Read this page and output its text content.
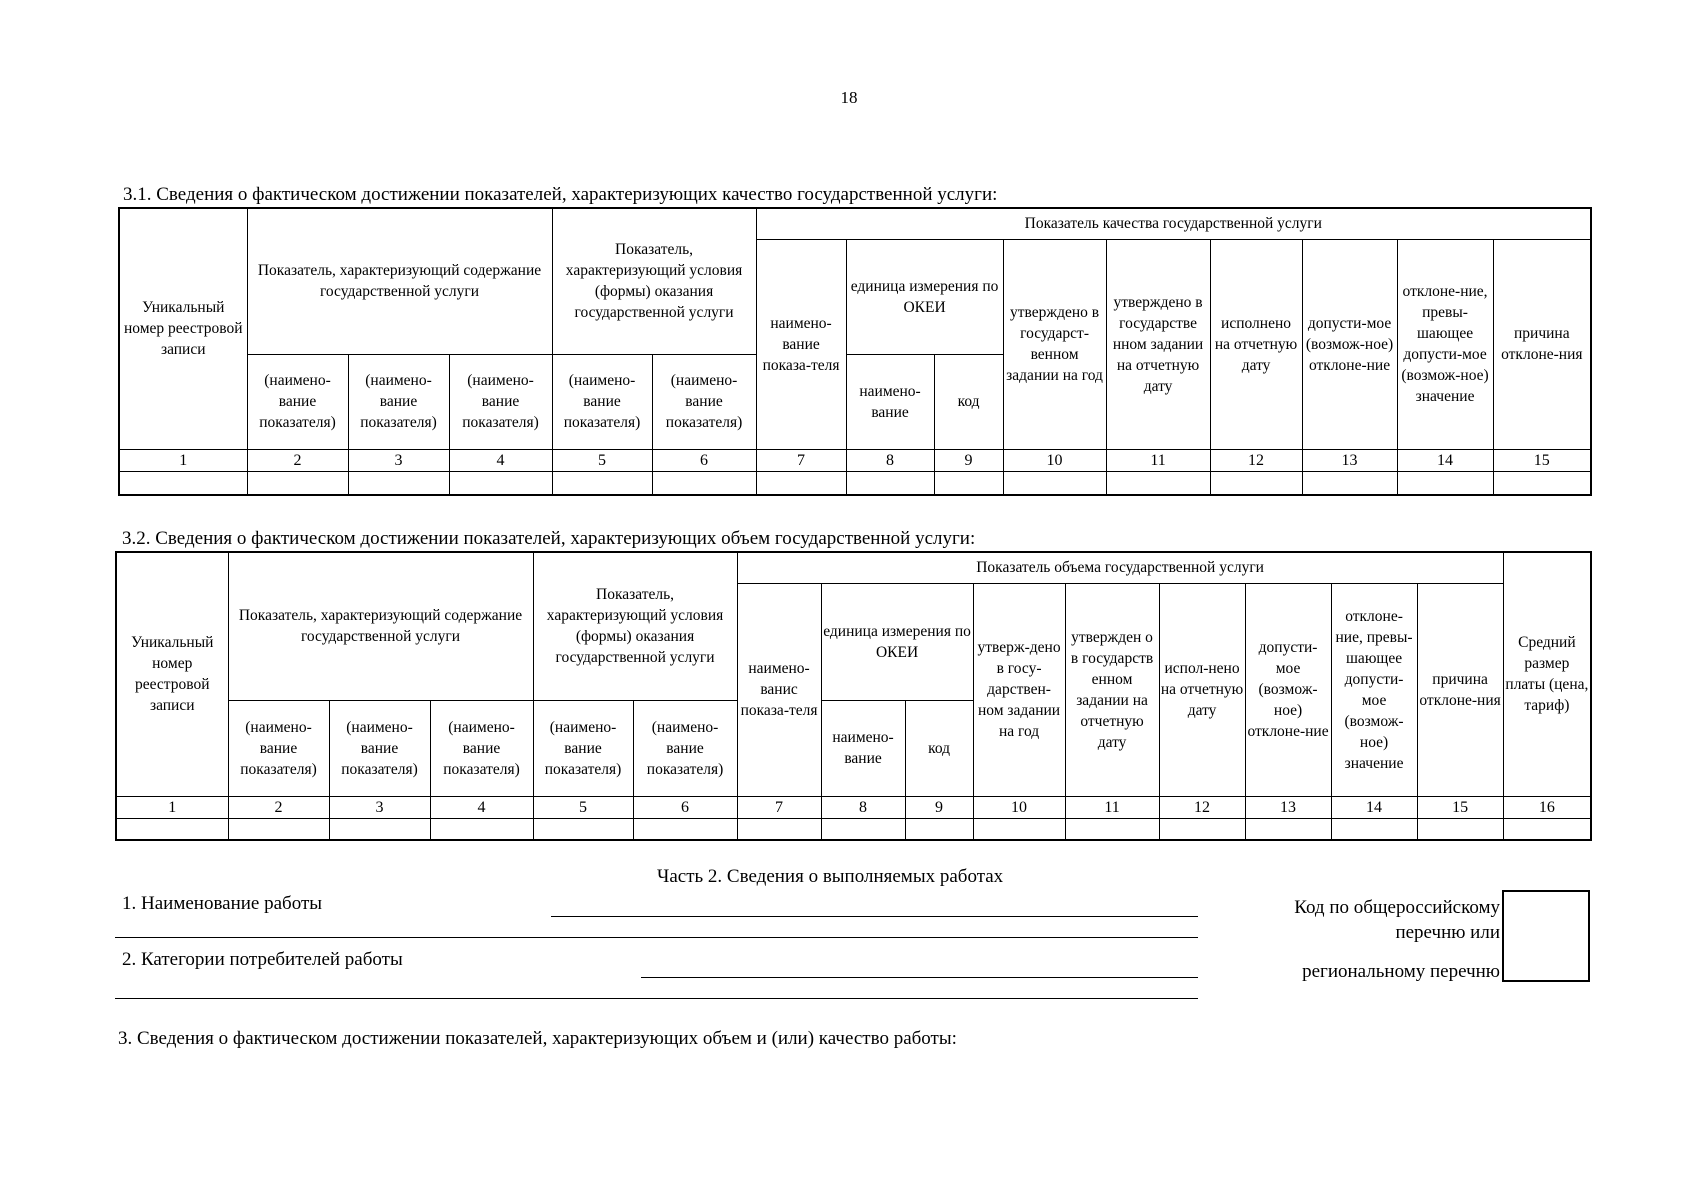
18
3.1. Сведения о фактическом достижении показателей, характеризующих качество государственной услуги:
Уникальный номер реестровой записи	Показатель, характеризующий содержание государственной услуги			Показатель, характеризующий условия (формы) оказания государственной услуги		Показатель качества государственной услуги								
						наимено-вание показа-теля	единица измерения по ОКЕИ		утверждено в государст-венном задании на год	утверждено в государстве нном задании на отчетную дату	исполнено на отчетную дату	допусти-мое (возмож-ное) отклоне-ние	отклоне-ние, превы-шающее допусти-мое (возмож-ное) значение	причина отклоне-ния
	(наимено-вание показателя)	(наимено-вание показателя)	(наимено-вание показателя)	(наимено-вание показателя)	(наимено-вание показателя)		наимено-вание	код						
1	2	3	4	5	6	7	8	9	10	11	12	13	14	15

3.2. Сведения о фактическом достижении показателей, характеризующих объем государственной услуги:
Уникальный номер реестровой записи	Показатель, характеризующий содержание государственной услуги			Показатель, характеризующий условия (формы) оказания государственной услуги		Показатель объема государственной услуги									Средний размер платы (цена, тариф)
						наимено-ванис показа-теля	единица измерения по ОКЕИ		утверж-дено в госу-дарствен-ном задании на год	утвержден о в государств енном задании на отчетную дату	испол-нено на отчетную дату	допусти-мое (возмож-ное) отклоне-ние	отклоне-ние, превы-шающее допусти-мое (возмож-ное) значение	причина отклоне-ния	
	(наимено-вание показателя)	(наимено-вание показателя)	(наимено-вание показателя)	(наимено-вание показателя)	(наимено-вание показателя)		наимено-вание	код							
1	2	3	4	5	6	7	8	9	10	11	12	13	14	15	16

Часть 2. Сведения о выполняемых работах
1. Наименование работы
2. Категории потребителей работы
Код по общероссийскому
перечню или
региональному перечню
3. Сведения о фактическом достижении показателей, характеризующих объем и (или) качество работы:
